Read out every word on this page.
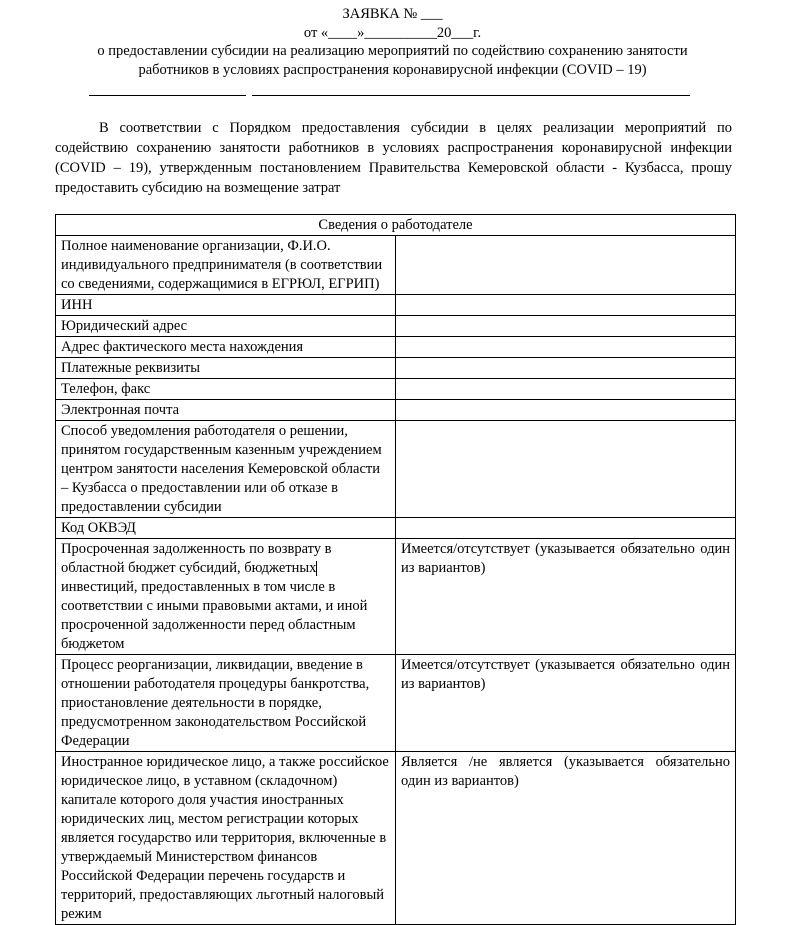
ЗАЯВКА № ___
от «____»__________20___г.
о предоставлении субсидии на реализацию мероприятий по содействию сохранению занятости
работников в условиях распространения коронавирусной инфекции (COVID – 19)

В соответствии с Порядком предоставления субсидии в целях реализации мероприятий по содействию сохранению занятости работников в условиях распространения коронавирусной инфекции (COVID – 19), утвержденным постановлением Правительства Кемеровской области - Кузбасса, прошу предоставить субсидию на возмещение затрат

Сведения о работодателе	
Полное наименование организации, Ф.И.О. индивидуального предпринимателя (в соответствии со сведениями, содержащимися в ЕГРЮЛ, ЕГРИП)	
ИНН	
Юридический адрес	
Адрес фактического места нахождения	
Платежные реквизиты	
Телефон, факс	
Электронная почта	
Способ уведомления работодателя о решении, принятом государственным казенным учреждением центром занятости населения Кемеровской области – Кузбасса о предоставлении или об отказе в предоставлении субсидии	
Код ОКВЭД	
Просроченная задолженность по возврату в областной бюджет субсидий, бюджетныхинвестиций, предоставленных в том числе в соответствии с иными правовыми актами, и иной просроченной задолженности перед областным бюджетом	Имеется/отсутствует (указывается обязательно один из вариантов)
Процесс реорганизации, ликвидации, введение в отношении работодателя процедуры банкротства, приостановление деятельности в порядке, предусмотренном законодательством Российской Федерации	Имеется/отсутствует (указывается обязательно один из вариантов)
Иностранное юридическое лицо, а также российское юридическое лицо, в уставном (складочном) капитале которого доля участия иностранных юридических лиц, местом регистрации которых является государство или территория, включенные в утверждаемый Министерством финансов Российской Федерации перечень государств и территорий, предоставляющих льготный налоговый режим	Является /не является (указывается обязательно один из вариантов)
